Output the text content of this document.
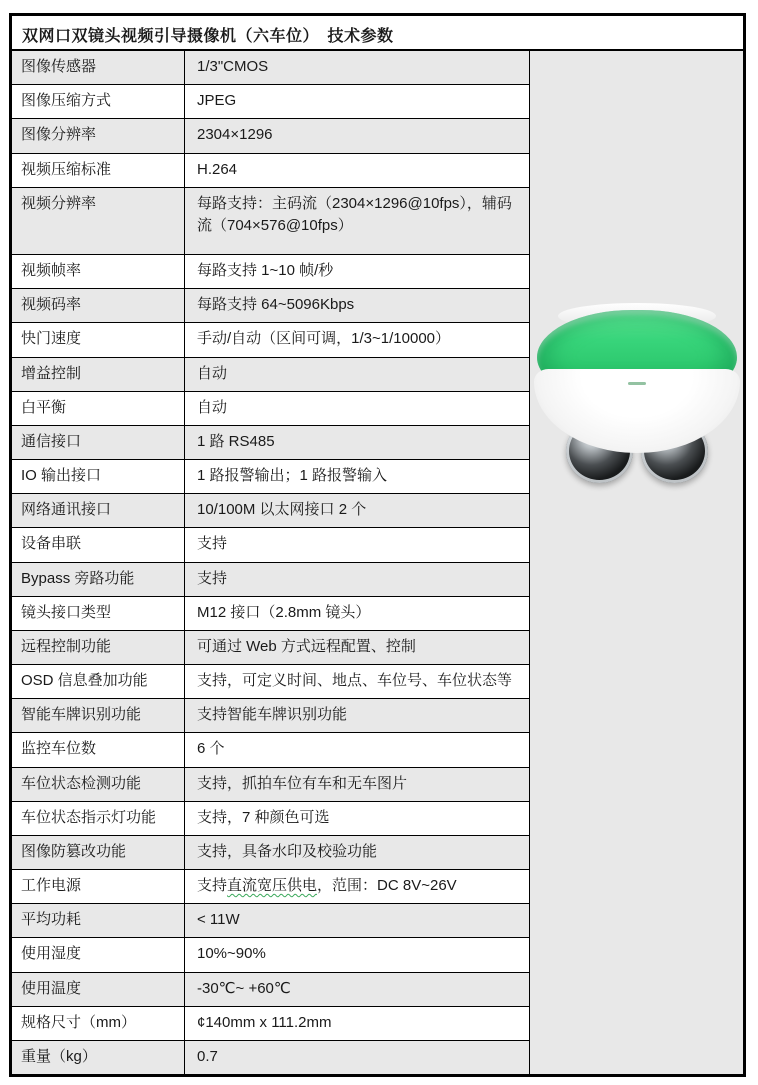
双网口双镜头视频引导摄像机（六车位）　技术参数
图像传感器	1/3"CMOS
图像压缩方式	JPEG
图像分辨率	2304×1296
视频压缩标准	H.264
视频分辨率	每路支持：主码流（2304×1296@10fps），辅码流（704×576@10fps）
视频帧率	每路支持 1~10 帧/秒
视频码率	每路支持 64~5096Kbps
快门速度	手动/自动（区间可调，1/3~1/10000）
增益控制	自动
白平衡	自动
通信接口	1 路 RS485
IO 输出接口	1 路报警输出；1 路报警输入
网络通讯接口	10/100M 以太网接口 2 个
设备串联	支持
Bypass 旁路功能	支持
镜头接口类型	M12 接口（2.8mm 镜头）
远程控制功能	可通过 Web 方式远程配置、控制
OSD 信息叠加功能	支持，可定义时间、地点、车位号、车位状态等
智能车牌识别功能	支持智能车牌识别功能
监控车位数	6 个
车位状态检测功能	支持，抓拍车位有车和无车图片
车位状态指示灯功能	支持，7 种颜色可选
图像防篡改功能	支持，具备水印及校验功能
工作电源	支持直流宽压供电，范围：DC 8V~26V
平均功耗	< 11W
使用湿度	10%~90%
使用温度	-30℃~ +60℃
规格尺寸（mm）	¢140mm x 111.2mm
重量（kg）	0.7
